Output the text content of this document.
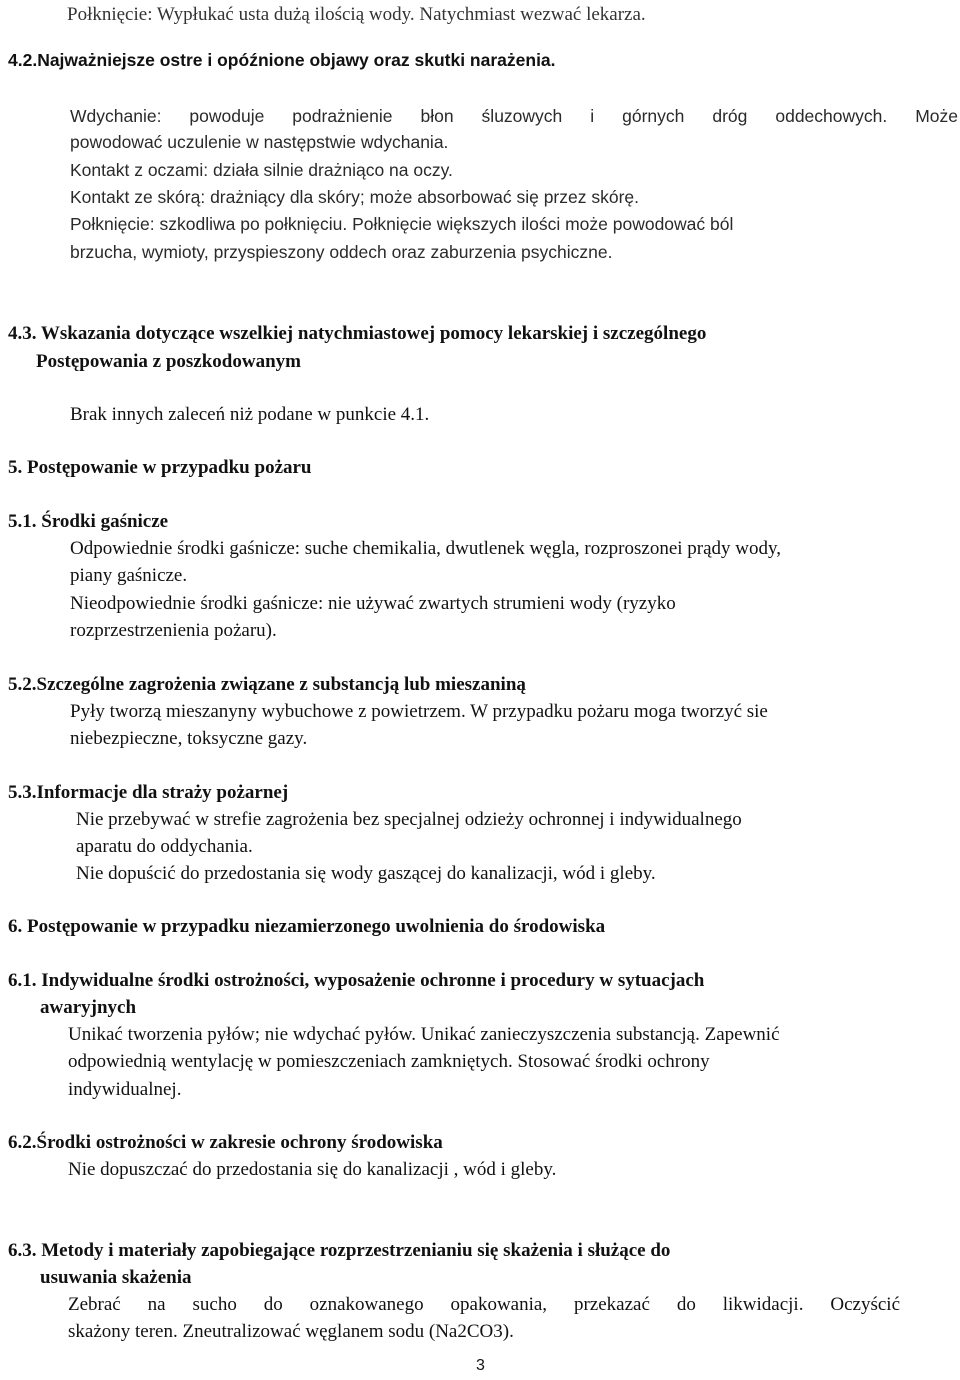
Połknięcie: Wypłukać usta dużą ilością wody. Natychmiast wezwać lekarza.
4.2.Najważniejsze ostre i opóźnione objawy oraz skutki narażenia.
Wdychanie: powoduje podrażnienie błon śluzowych i górnych dróg oddechowych. Może
powodować uczulenie w następstwie wdychania.
Kontakt z oczami: działa silnie drażniąco na oczy.
Kontakt ze skórą: drażniący dla skóry; może absorbować się przez skórę.
Połknięcie: szkodliwa po połknięciu. Połknięcie większych ilości może powodować ból
brzucha, wymioty, przyspieszony oddech oraz zaburzenia psychiczne.
4.3. Wskazania dotyczące wszelkiej natychmiastowej pomocy lekarskiej i szczególnego
Postępowania z poszkodowanym
Brak innych zaleceń niż podane w punkcie 4.1.
5. Postępowanie w przypadku pożaru
5.1. Środki gaśnicze
Odpowiednie środki gaśnicze: suche chemikalia, dwutlenek węgla, rozproszonei prądy wody,
piany gaśnicze.
Nieodpowiednie środki gaśnicze: nie używać zwartych strumieni wody (ryzyko
rozprzestrzenienia pożaru).
5.2.Szczególne zagrożenia związane z substancją lub mieszaniną
Pyły tworzą mieszanyny wybuchowe z powietrzem. W przypadku pożaru moga tworzyć sie
niebezpieczne, toksyczne gazy.
5.3.Informacje dla straży pożarnej
Nie przebywać w strefie zagrożenia bez specjalnej odzieży ochronnej i indywidualnego
aparatu do oddychania.
Nie dopuścić do przedostania się wody gaszącej do kanalizacji, wód i gleby.
6. Postępowanie w przypadku niezamierzonego uwolnienia do środowiska
6.1. Indywidualne środki ostrożności, wyposażenie ochronne i procedury w sytuacjach
awaryjnych
Unikać tworzenia pyłów; nie wdychać pyłów. Unikać zanieczyszczenia substancją. Zapewnić
odpowiednią wentylację w pomieszczeniach zamkniętych. Stosować środki ochrony
indywidualnej.
6.2.Środki ostrożności w zakresie ochrony środowiska
Nie dopuszczać do przedostania się do kanalizacji , wód i gleby.
6.3. Metody i materiały zapobiegające rozprzestrzenianiu się skażenia i służące do
usuwania skażenia
Zebrać na sucho do oznakowanego opakowania, przekazać do likwidacji. Oczyścić
skażony teren. Zneutralizować węglanem sodu (Na2CO3).
3
